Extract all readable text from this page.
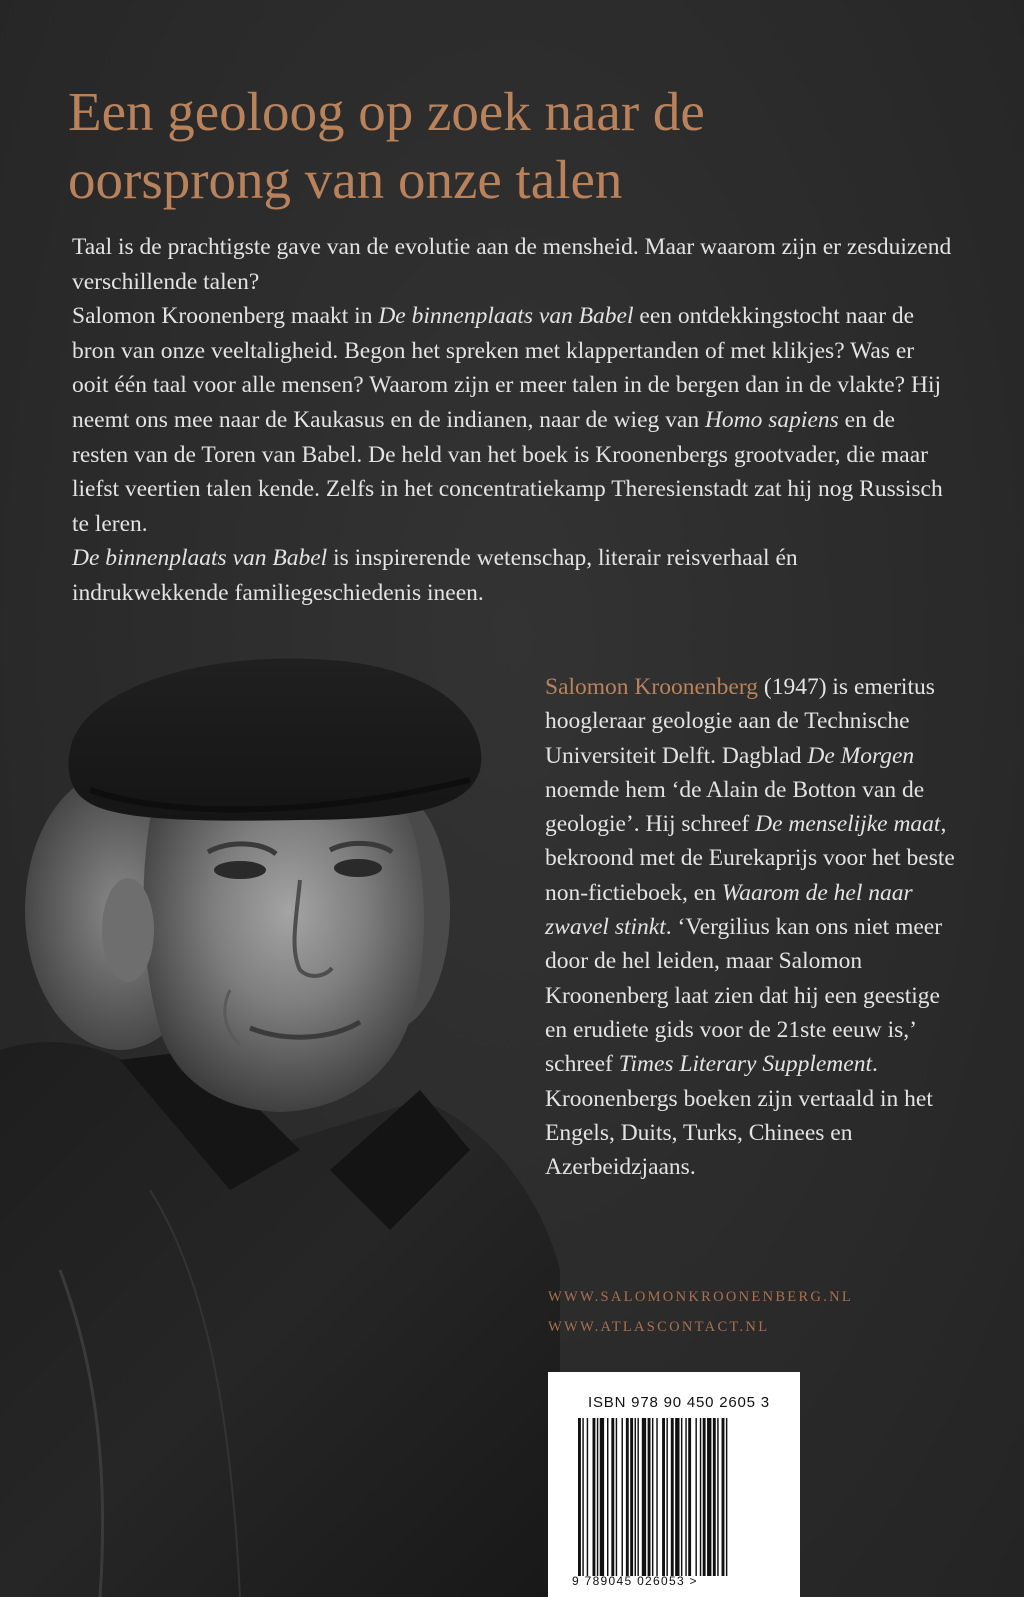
Een geoloog op zoek naar de
oorsprong van onze talen

Taal is de prachtigste gave van de evolutie aan de mensheid. Maar waarom zijn er zesduizend verschillende talen?

Salomon Kroonenberg maakt in De binnenplaats van Babel een ontdekkingstocht naar de bron van onze veeltaligheid. Begon het spreken met klappertanden of met klikjes? Was er ooit één taal voor alle mensen? Waarom zijn er meer talen in de bergen dan in de vlakte? Hij neemt ons mee naar de Kaukasus en de indianen, naar de wieg van Homo sapiens en de resten van de Toren van Babel. De held van het boek is Kroonenbergs grootvader, die maar liefst veertien talen kende. Zelfs in het concentratiekamp Theresienstadt zat hij nog Russisch te leren.

De binnenplaats van Babel is inspirerende wetenschap, literair reisverhaal én indrukwekkende familiegeschiedenis ineen.

Salomon Kroonenberg (1947) is emeritus hoogleraar geologie aan de Technische Universiteit Delft. Dagblad De Morgen noemde hem ‘de Alain de Botton van de geologie’. Hij schreef De menselijke maat, bekroond met de Eurekaprijs voor het beste non-fictieboek, en Waarom de hel naar zwavel stinkt. ‘Vergilius kan ons niet meer door de hel leiden, maar Salomon Kroonenberg laat zien dat hij een geestige en erudiete gids voor de 21ste eeuw is,’ schreef Times Literary Supplement. Kroonenbergs boeken zijn vertaald in het Engels, Duits, Turks, Chinees en Azerbeidzjaans.
WWW.SALOMONKROONENBERG.NL
WWW.ATLASCONTACT.NL
ISBN 978 90 450 2605 3
9 789045 026053 >
